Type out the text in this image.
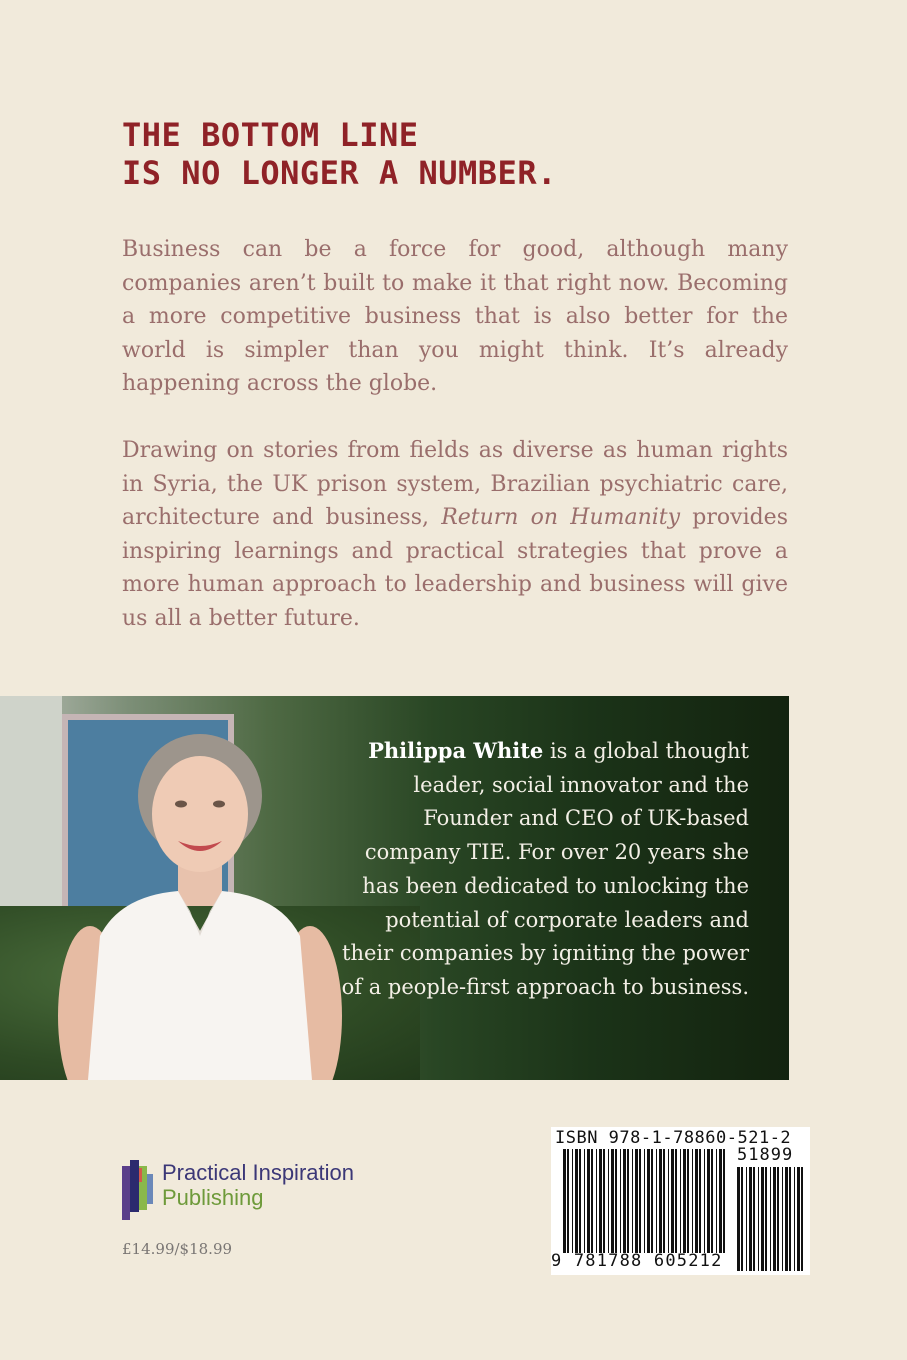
THE BOTTOM LINE
IS NO LONGER A NUMBER.

Business can be a force for good, although many companies aren’t built to make it that right now. Becoming a more competitive business that is also better for the world is simpler than you might think. It’s already happening across the globe.

Drawing on stories from fields as diverse as human rights in Syria, the UK prison system, Brazilian psychiatric care, architecture and business, Return on Humanity provides inspiring learnings and practical strategies that prove a more human approach to leadership and business will give us all a better future.

Philippa White is a global thought leader, social innovator and the Founder and CEO of UK-based company TIE. For over 20 years she has been dedicated to unlocking the potential of corporate leaders and their companies by igniting the power of a people-first approach to business.

Practical Inspiration
Publishing
£14.99/$18.99
ISBN 978-1-78860-521-2
51899
9 781788 605212
